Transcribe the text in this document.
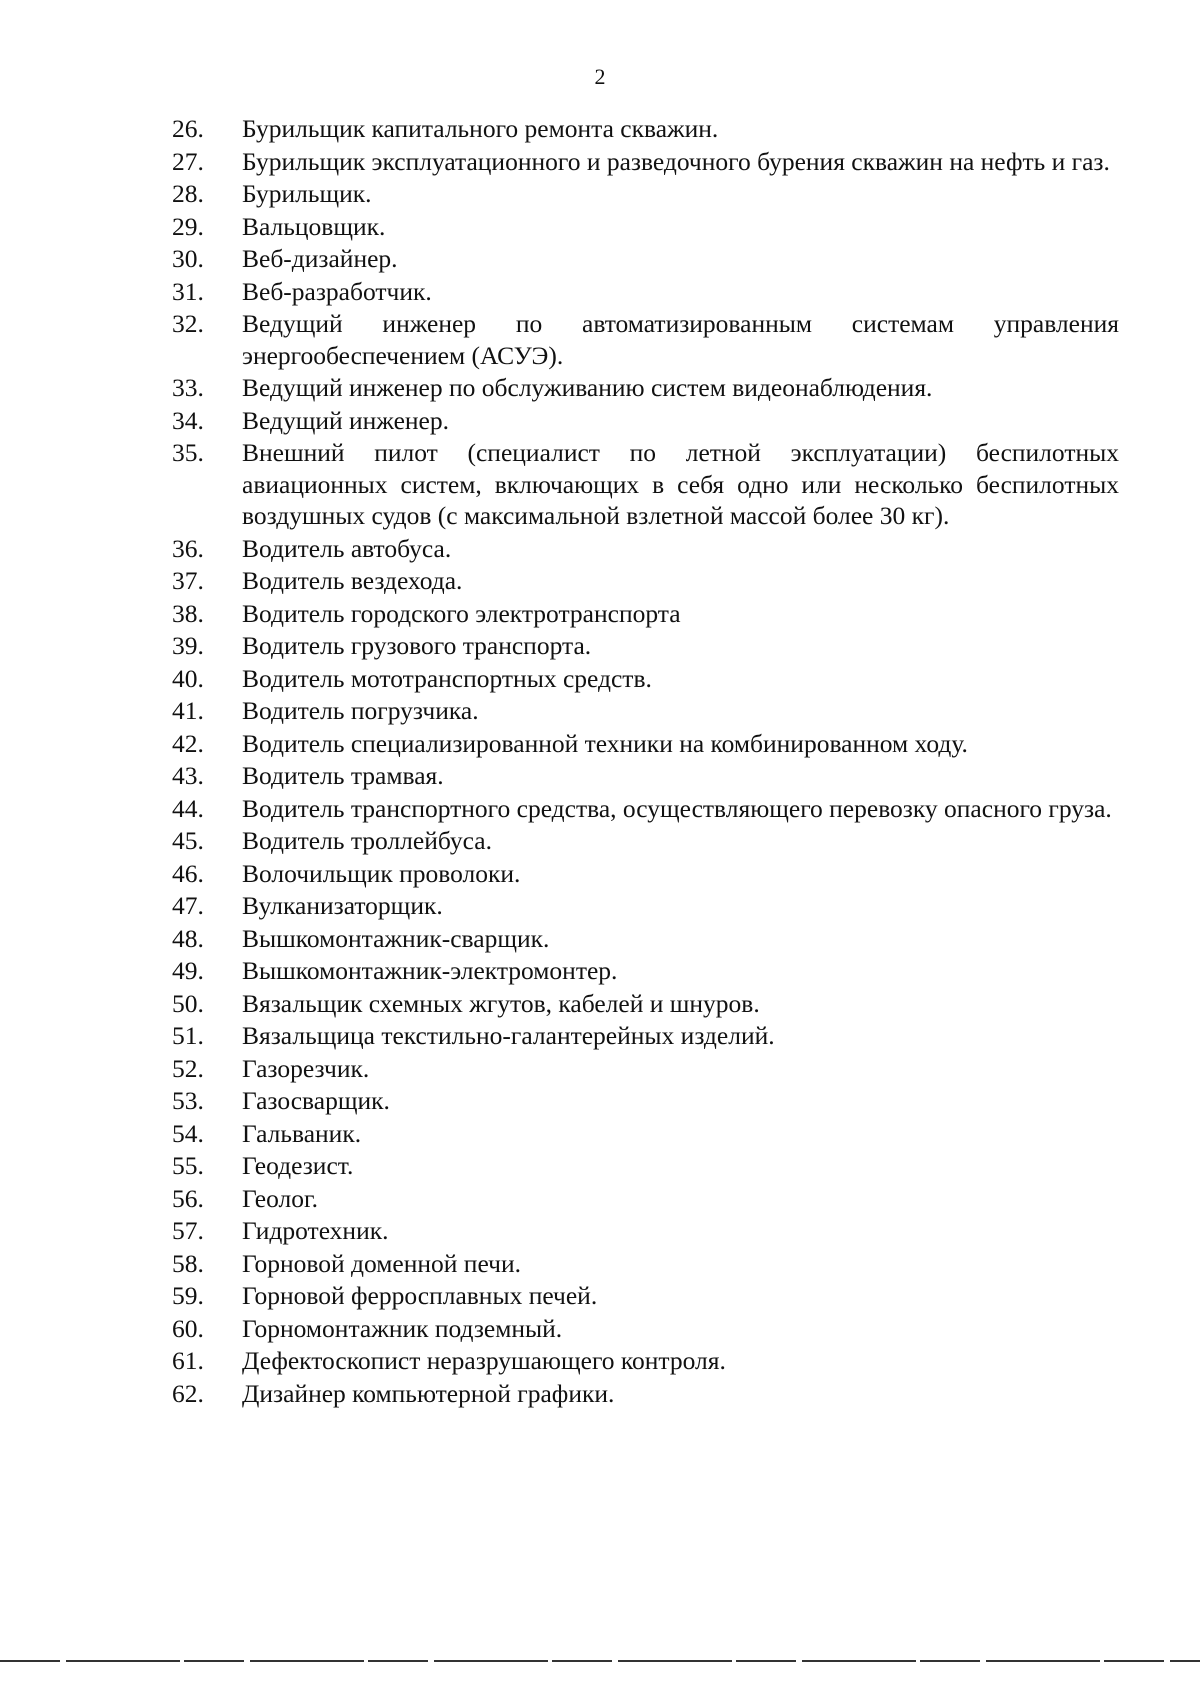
2
26.	Бурильщик капитального ремонта скважин.
27.	Бурильщик эксплуатационного и разведочного бурения скважин на нефть и газ.
28.	Бурильщик.
29.	Вальцовщик.
30.	Веб-дизайнер.
31.	Веб-разработчик.
32.	Ведущий инженер по автоматизированным системам управления энергообеспечением (АСУЭ).
33.	Ведущий инженер по обслуживанию систем видеонаблюдения.
34.	Ведущий инженер.
35.	Внешний пилот (специалист по летной эксплуатации) беспилотных авиационных систем, включающих в себя одно или несколько беспилотных воздушных судов (с максимальной взлетной массой более 30 кг).
36.	Водитель автобуса.
37.	Водитель вездехода.
38.	Водитель городского электротранспорта
39.	Водитель грузового транспорта.
40.	Водитель мототранспортных средств.
41.	Водитель погрузчика.
42.	Водитель специализированной техники на комбинированном ходу.
43.	Водитель трамвая.
44.	Водитель транспортного средства, осуществляющего перевозку опасного груза.
45.	Водитель троллейбуса.
46.	Волочильщик проволоки.
47.	Вулканизаторщик.
48.	Вышкомонтажник-сварщик.
49.	Вышкомонтажник-электромонтер.
50.	Вязальщик схемных жгутов, кабелей и шнуров.
51.	Вязальщица текстильно-галантерейных изделий.
52.	Газорезчик.
53.	Газосварщик.
54.	Гальваник.
55.	Геодезист.
56.	Геолог.
57.	Гидротехник.
58.	Горновой доменной печи.
59.	Горновой ферросплавных печей.
60.	Горномонтажник подземный.
61.	Дефектоскопист неразрушающего контроля.
62.	Дизайнер компьютерной графики.
